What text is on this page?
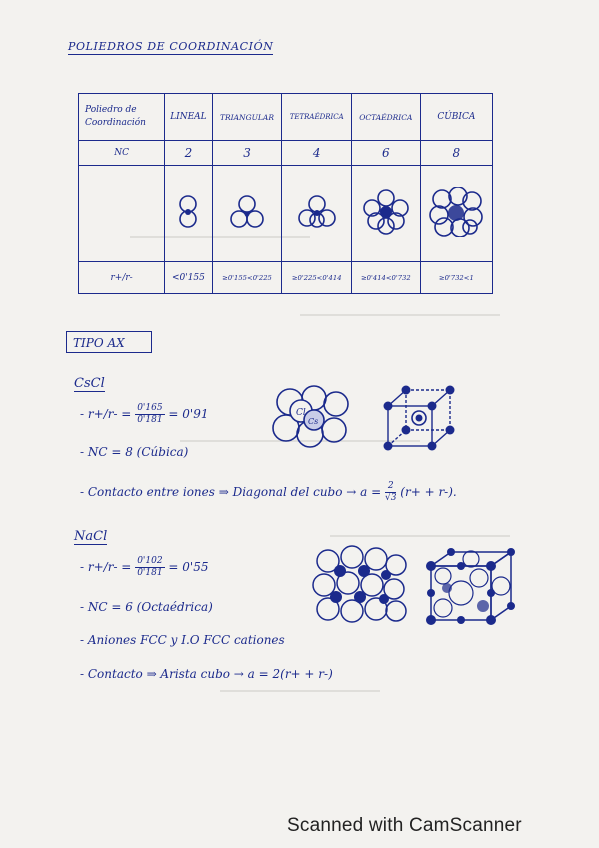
POLIEDROS DE COORDINACIÓN
Poliedro de
Coordinación	LINEAL	TRIANGULAR	TETRAÉDRICA	OCTAÉDRICA	CÚBICA
NC	2	3	4	6	8

r+/r-	<0'155	≥0'155<0'225	≥0'225<0'414	≥0'414<0'732	≥0'732<1
TIPO AX
CsCl
- $r+/r- = \frac{0'165}{0'181} = 0'91$
- NC = 8 (Cúbica)
- Contacto entre iones ⇒ Diagonal del cubo → $a = \frac{2}{√3} (r+ + r-)$.
Cl
Cs
NaCl
- $r+/r- = \frac{0'102}{0'181} = 0'55$
- NC = 6 (Octaédrica)
- Aniones FCC y I.O FCC cationes
- Contacto ⇒ Arista cubo → a = 2(r+ + r-)
Scanned with CamScanner
